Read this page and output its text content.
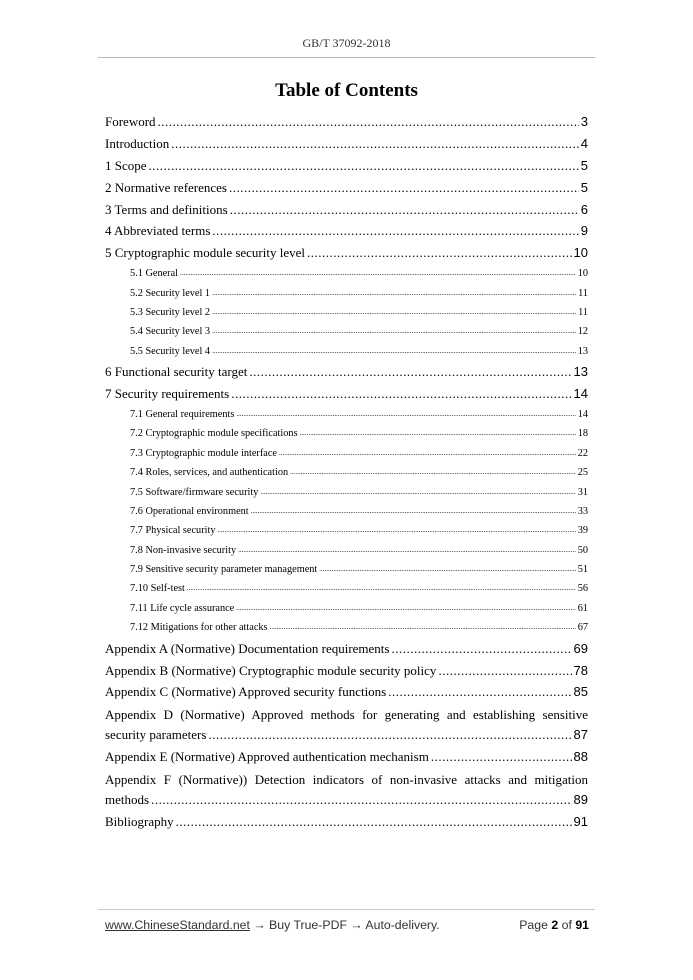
GB/T 37092-2018
Table of Contents
Foreword .....	3
Introduction .....	4
1 Scope .....	5
2 Normative references .....	5
3 Terms and definitions .....	6
4 Abbreviated terms .....	9
5 Cryptographic module security level .....	10
5.1 General .....	10
5.2 Security level 1 .....	11
5.3 Security level 2 .....	11
5.4 Security level 3 .....	12
5.5 Security level 4 .....	13
6 Functional security target .....	13
7 Security requirements .....	14
7.1 General requirements .....	14
7.2 Cryptographic module specifications .....	18
7.3 Cryptographic module interface .....	22
7.4 Roles, services, and authentication .....	25
7.5 Software/firmware security .....	31
7.6 Operational environment .....	33
7.7 Physical security .....	39
7.8 Non-invasive security .....	50
7.9 Sensitive security parameter management .....	51
7.10 Self-test .....	56
7.11 Life cycle assurance .....	61
7.12 Mitigations for other attacks .....	67
Appendix A (Normative) Documentation requirements .....	69
Appendix B (Normative) Cryptographic module security policy .....	78
Appendix C (Normative) Approved security functions .....	85
Appendix D (Normative) Approved methods for generating and establishing sensitive
security parameters .....	87
Appendix E (Normative) Approved authentication mechanism .....	88
Appendix F (Normative)) Detection indicators of non-invasive attacks and mitigation
methods .....	89
Bibliography .....	91
www.ChineseStandard.net → Buy True-PDF → Auto-delivery.	Page 2 of 91
